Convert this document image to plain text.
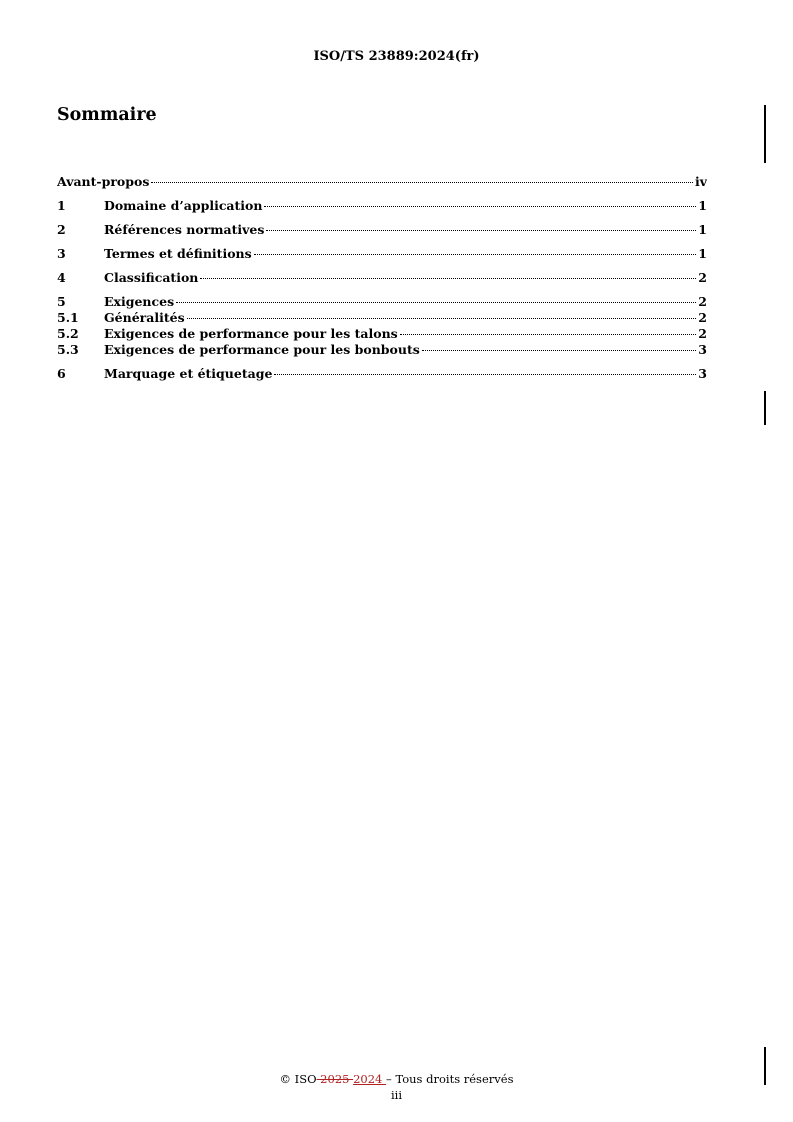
ISO/TS 23889:2024(fr)
Sommaire
Avant-propos	iv
1	Domaine d’application	1
2	Références normatives	1
3	Termes et définitions	1
4	Classification	2
5	Exigences	2
5.1	Généralités	2
5.2	Exigences de performance pour les talons	2
5.3	Exigences de performance pour les bonbouts	3
6	Marquage et étiquetage	3
© ISO 2025 2024 – Tous droits réservés
iii
